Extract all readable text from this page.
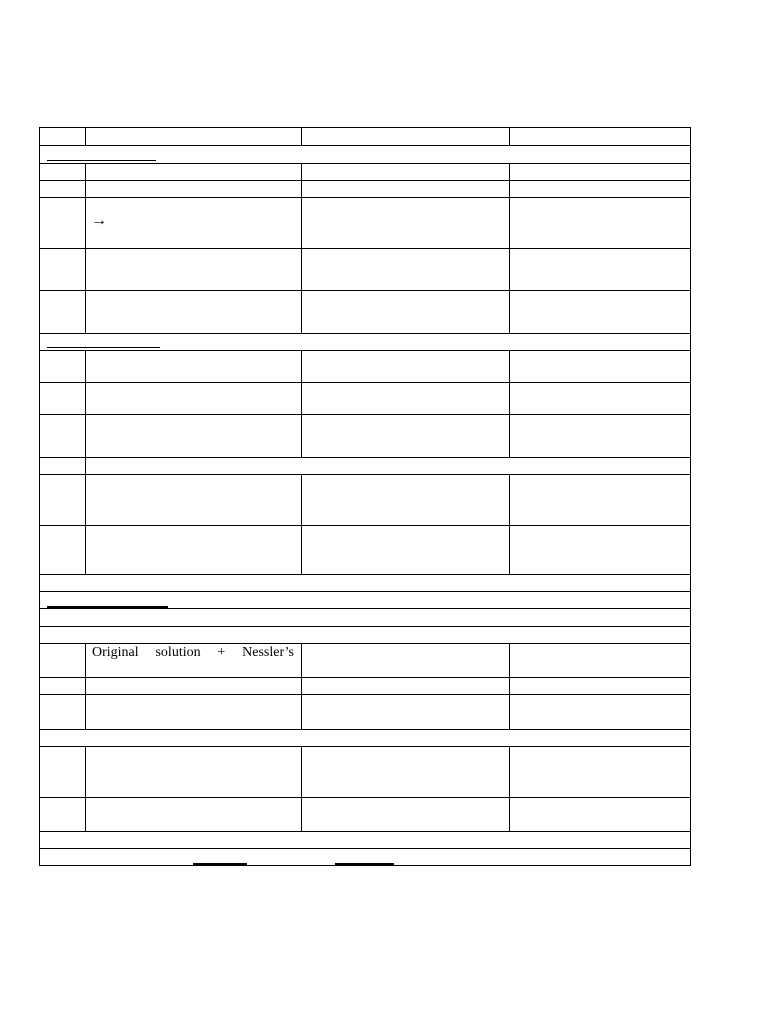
→
Original solution + Nessler’s
